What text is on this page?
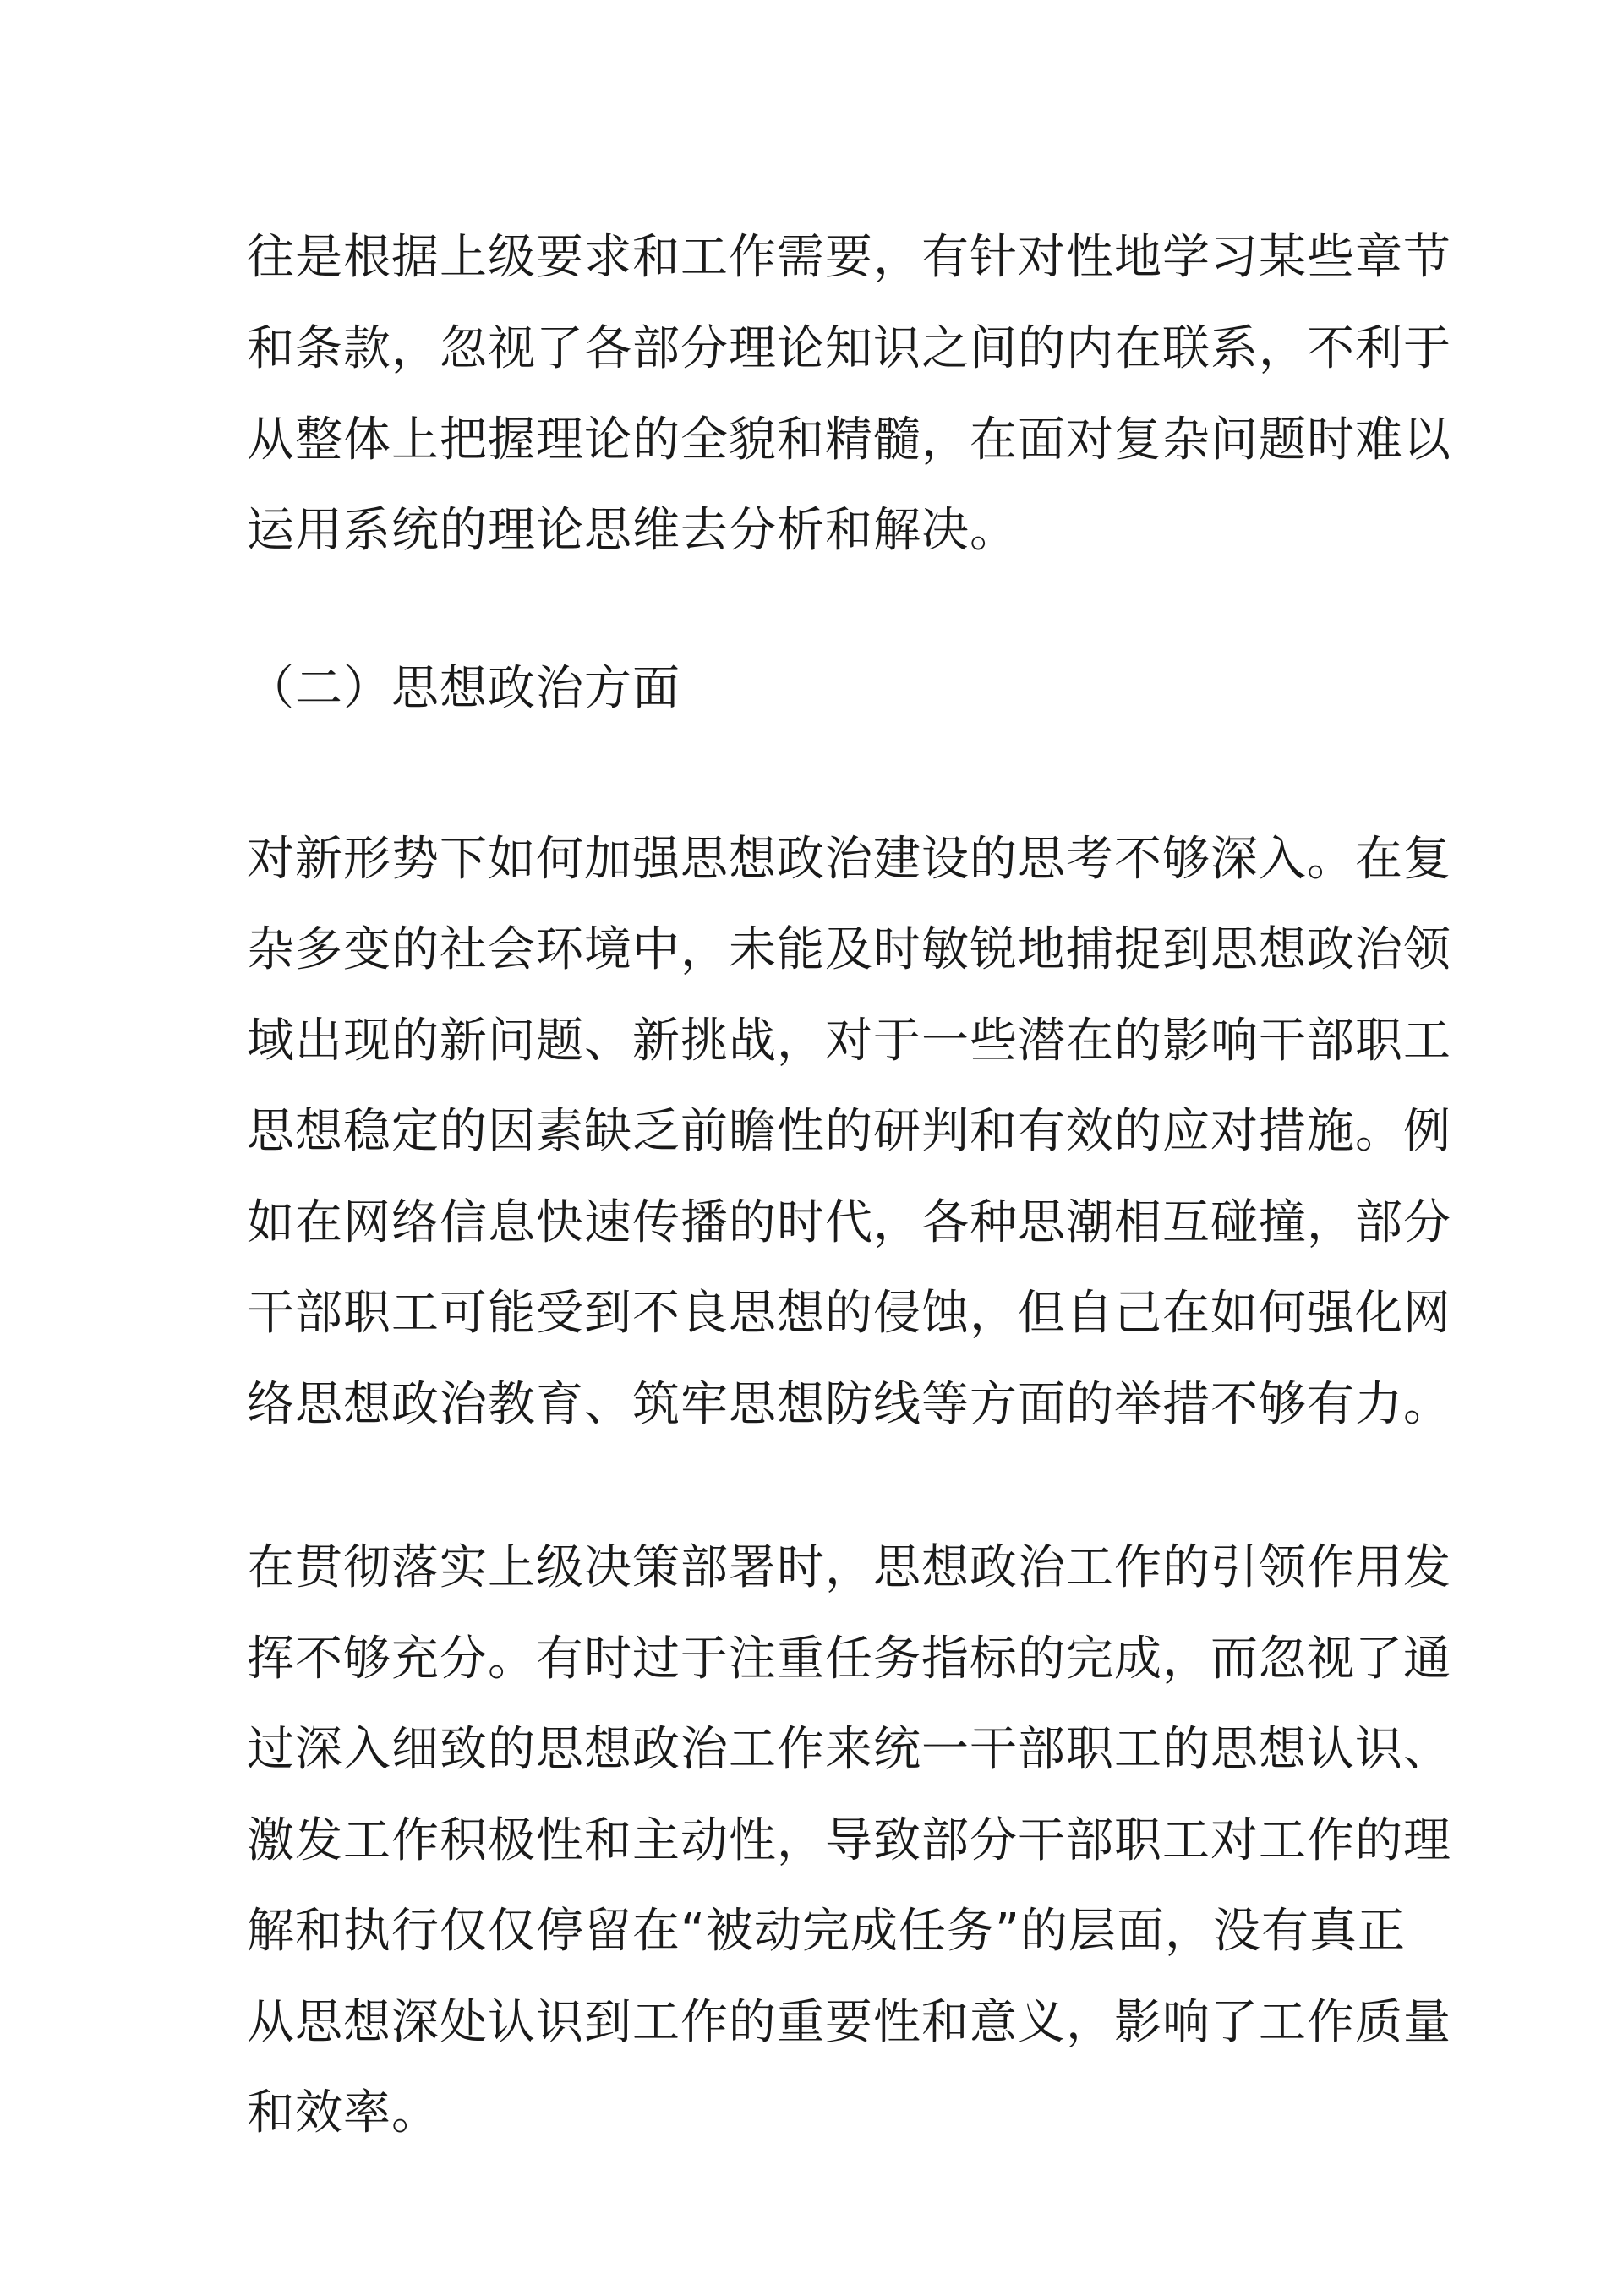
往是根据上级要求和工作需要，有针对性地学习某些章节
和条款，忽视了各部分理论知识之间的内在联系，不利于
从整体上把握理论的全貌和精髓，在面对复杂问题时难以
运用系统的理论思维去分析和解决。
（二）思想政治方面
对新形势下如何加强思想政治建设的思考不够深入。在复
杂多变的社会环境中，未能及时敏锐地捕捉到思想政治领
域出现的新问题、新挑战，对于一些潜在的影响干部职工
思想稳定的因素缺乏前瞻性的研判和有效的应对措施。例
如在网络信息快速传播的时代，各种思潮相互碰撞，部分
干部职工可能受到不良思想的侵蚀，但自己在如何强化网
络思想政治教育、筑牢思想防线等方面的举措不够有力。
在贯彻落实上级决策部署时，思想政治工作的引领作用发
挥不够充分。有时过于注重任务指标的完成，而忽视了通
过深入细致的思想政治工作来统一干部职工的思想认识、
激发工作积极性和主动性，导致部分干部职工对工作的理
解和执行仅仅停留在“被动完成任务”的层面，没有真正
从思想深处认识到工作的重要性和意义，影响了工作质量
和效率。
